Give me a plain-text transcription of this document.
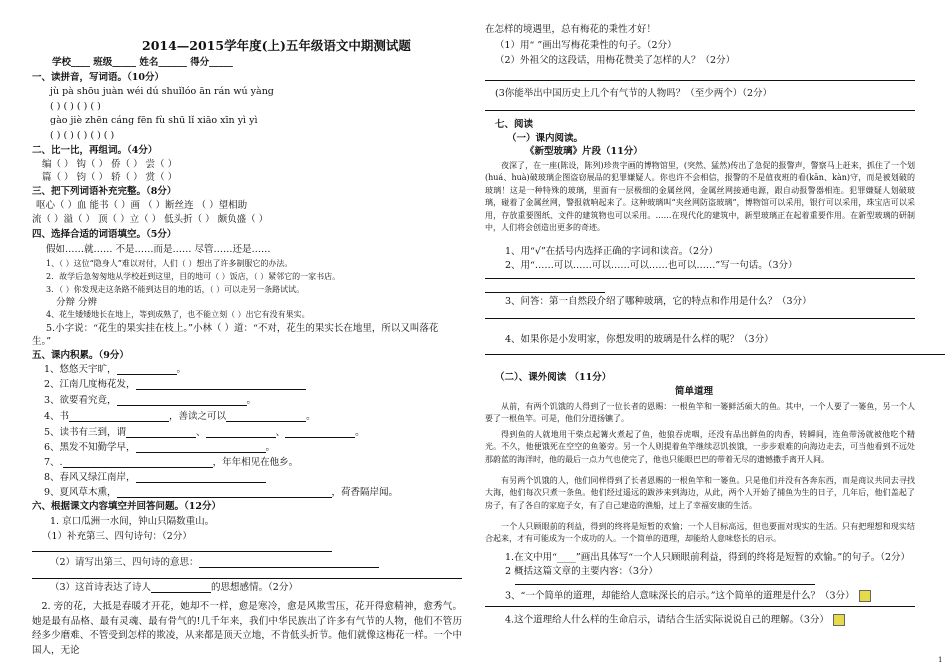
2014—2015学年度(上)五年级语文中期测试题
学校____ 班级_____ 姓名______ 得分_____
一、读拼音，写词语。（10分）
jù pà shōu juàn wéi dú shuǐlóo ān rán wú yàng
( ) ( ) ( ) ( )
gào jiè zhēn cáng fēn fù shū lǐ xiāo xīn yì yì
( ) ( ) ( ) ( ) ( )
二、比一比，再组词。（4分）
编（ ） 钩（ ） 侨（ ） 尝（ ）
篇（ ） 钧（ ） 轿（ ） 赏（ ）
三、把下列词语补充完整。（8分）
呕心（ ）血 能书（ ）画 （ ）断丝连 （ ）望相助
流（ ）溢（ ） 顶（ ）立（ ） 低头折（ ） 颇负盛（ ）
四、选择合适的词语填空。（5分）
假如……就…… 不是……而是…… 尽管……还是……
1、（ ）这位“隐身人”难以对付，人们（ ）想出了许多制服它的办法。
2．故学后急匆匆地从学校赶到这里，目的地可（ ）饭店，（ ）紧邻它的一家书店。
3．（ ）你发现走这条路不能到达目的地的话，（ ）可以走另一条路试试。
分辩 分辨
4、花生矮矮地长在地上，等到成熟了，也不能立刻（ ）出它有没有果实。
5.小字说：“花生的果实挂在枝上。”小林（ ）道：“不对，花生的果实长在地里，所以又叫落花
生。”
五、课内积累。（9分）
1、悠悠天宇旷，	。
2、江南几度梅花发，
3、欲要看究竟，	。
4、书	，善读之可以	。
5、读书有三到，谓	、	、	。
6、黑发不知勤学早，	。
7、.	，年年相见在他乡。
8、春风又绿江南岸，
9、夏风草木熏，	，荷香隔岸闻。
六、根据课文内容填空并回答问题。（12分）
1. 京口瓜洲一水间，钟山只隔数重山。
（1）补充第三、四句诗句：（2分）
（2）请写出第三、四句诗的意思：
（3）这首诗表达了诗人	的思想感情。（2分）
2. 旁的花，大抵是春暖才开花，她却不一样，愈是寒冷，愈是风欺雪压，花开得愈精神，愈秀气。她是最有品格、最有灵魂、最有骨气的!几千年来，我们中华民族出了许多有气节的人物，他们不管历经多少磨难、不管受到怎样的欺凌，从来都是顶天立地，不肯低头折节。他们就像这梅花一样。一个中国人，无论
在怎样的境遇里，总有梅花的秉性才好！
（1）用“ ”画出写梅花秉性的句子。（2分）
（2）外祖父的这段话，用梅花赞美了怎样的人？（2分）
(3你能举出中国历史上几个有气节的人物吗？（至少两个）（2分）
七、阅读
（一）课内阅读。
《新型玻璃》片段（11分）
夜深了，在一座(陈设，陈列)珍贵字画的博物馆里，(突然、猛然)传出了急促的报警声，警察马上赶来，抓住了一个划(huá、huà)破玻璃企图盗窃展品的犯罪嫌疑人。你也许不会相信，报警的不是值夜班的看(kān、kàn)守，而是被划破的玻璃！这是一种特殊的玻璃，里面有一层极细的金属丝网，金属丝网接通电源，跟自动报警器相连。犯罪嫌疑人划破玻璃，碰着了金属丝网，警报就响起来了。这种玻璃叫“夹丝网防盗玻璃”，博物馆可以采用，银行可以采用，珠宝店可以采用，存放重要图纸、文件的建筑物也可以采用。……在现代化的建筑中，新型玻璃正在起着重要作用。在新型玻璃的研制中，人们将会创造出更多的奇迹。
1、用“√”在括号内选择正确的字词和读音。（2分）
2、用“……可以……可以……可以……也可以……”写一句话。（3分）
3、问答：第一自然段介绍了哪种玻璃，它的特点和作用是什么？（3分）
4、如果你是小发明家，你想发明的玻璃是什么样的呢？（3分）
（二）、课外阅读 （11分）
简单道理
从前，有两个饥饿的人得到了一位长者的恩赐：一根鱼竿和一篓鲜活硕大的鱼。其中，一个人要了一篓鱼，另一个人要了一根鱼竿。可是，他们分道扬镳了。
得到鱼的人就地用干柴点起篝火煮起了鱼，他狼吞虎咽，还没有品出鲜鱼的肉香，转瞬间，连鱼带汤就被他吃个精光。不久，他便饿死在空空的鱼篓旁。另一个人则提着鱼竿继续忍饥挨饿，一步步艰难的向海边走去，可当他看到不远处那蔚蓝的海洋时，他的最后一点力气也使完了，他也只能眼巴巴的带着无尽的遗憾撒手离开人间。
有另两个饥饿的人，他们同样得到了长者恩赐的一根鱼竿和一篓鱼。只是他们并没有各奔东西，而是商议共同去寻找大海，他们每次只煮一条鱼。他们经过遥远的跋涉来到海边，从此，两个人开始了捕鱼为生的日子，几年后，他们盖起了房子，有了各自的家庭子女，有了自己建造的渔船，过上了幸福安康的生活。
一个人只顾眼前的利益，得到的终将是短暂的欢愉；一个人目标高远，但也要面对现实的生活。只有把理想和现实结合起来，才有可能成为一个成功的人。一个简单的道理，却能给人意味悠长的启示。
1.在文中用“____”画出具体写“一个人只顾眼前利益，得到的终将是短暂的欢愉。”的句子。（2分）
2 概括这篇文章的主要内容：（3分）
3、“一个简单的道理，却能给人意味深长的启示。”这个简单的道理是什么？（3分）
4.这个道理给人什么样的生命启示，请结合生活实际说说自己的理解。（3分）
1
